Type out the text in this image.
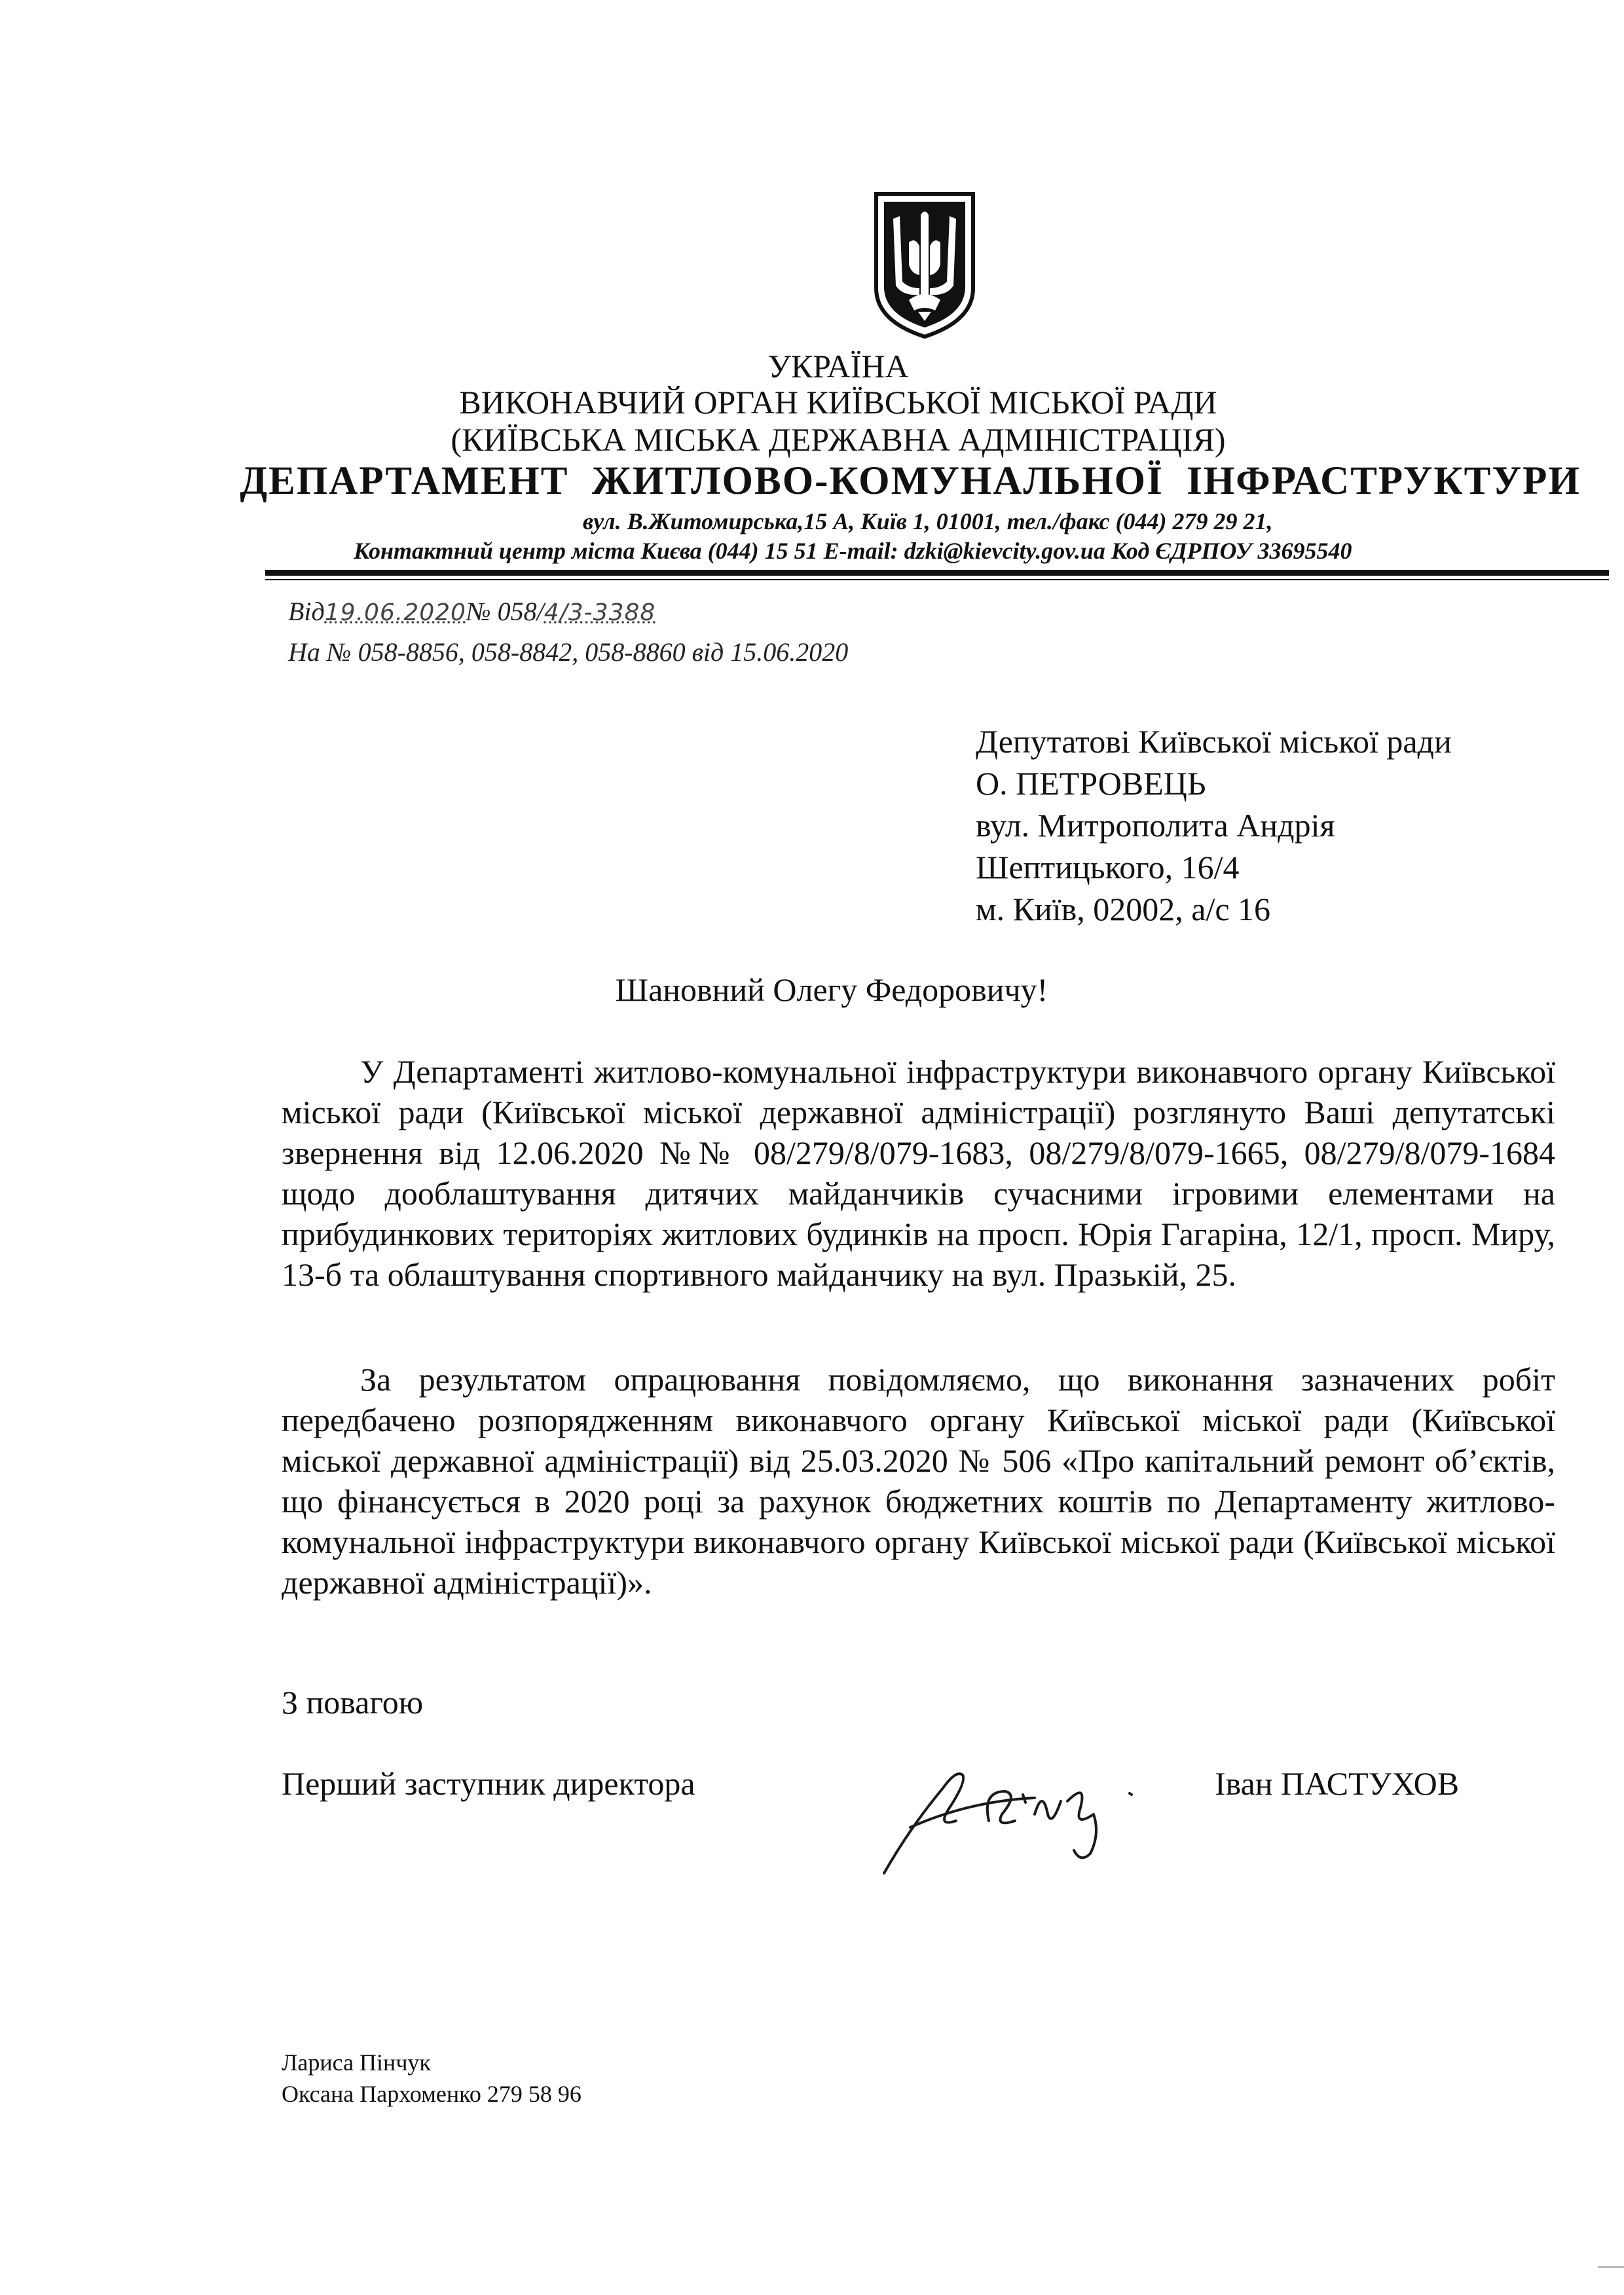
УКРАЇНА
ВИКОНАВЧИЙ ОРГАН КИЇВСЬКОЇ МІСЬКОЇ РАДИ
(КИЇВСЬКА МІСЬКА ДЕРЖАВНА АДМІНІСТРАЦІЯ)
ДЕПАРТАМЕНТ ЖИТЛОВО-КОМУНАЛЬНОЇ ІНФРАСТРУКТУРИ
вул. В.Житомирська,15 А, Київ 1, 01001, тел./факс (044) 279 29 21,
Контактний центр міста Києва (044) 15 51 E-mail: dzki@kievcity.gov.ua Код ЄДРПОУ 33695540
Від19.06.2020№ 058/4/3-3388
На № 058-8856, 058-8842, 058-8860 від 15.06.2020
Депутатові Київської міської ради
О. ПЕТРОВЕЦЬ
вул. Митрополита Андрія
Шептицького, 16/4
м. Київ, 02002, а/с 16
Шановний Олегу Федоровичу!

У Департаменті житлово-комунальної інфраструктури виконавчого органу Київської міської ради (Київської міської державної адміністрації) розглянуто Ваші депутатські звернення від 12.06.2020 №№ 08/279/8/079-1683, 08/279/8/079-1665, 08/279/8/079-1684 щодо дооблаштування дитячих майданчиків сучасними ігровими елементами на прибудинкових територіях житлових будинків на просп. Юрія Гагаріна, 12/1, просп. Миру, 13-б та облаштування спортивного майданчику на вул. Празькій, 25.

За результатом опрацювання повідомляємо, що виконання зазначених робіт передбачено розпорядженням виконавчого органу Київської міської ради (Київської міської державної адміністрації) від 25.03.2020 № 506 «Про капітальний ремонт об’єктів, що фінансується в 2020 році за рахунок бюджетних коштів по Департаменту житлово-комунальної інфраструктури виконавчого органу Київської міської ради (Київської міської державної адміністрації)».

З повагою
Перший заступник директора	Іван ПАСТУХОВ
Лариса Пінчук
Оксана Пархоменко 279 58 96
